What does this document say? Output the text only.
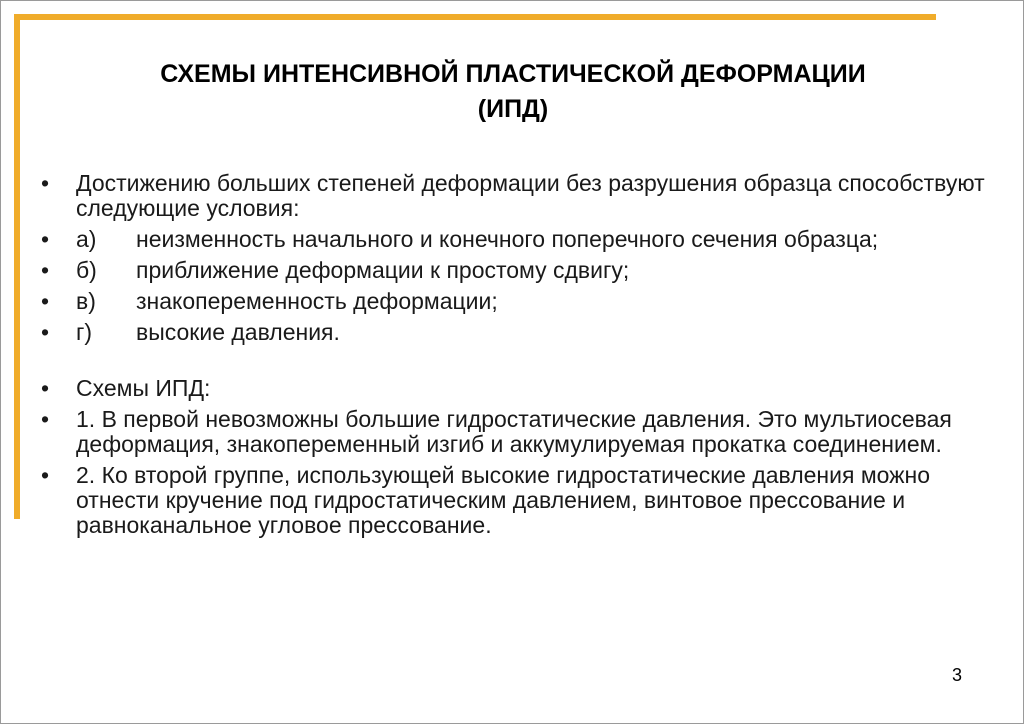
СХЕМЫ ИНТЕНСИВНОЙ ПЛАСТИЧЕСКОЙ ДЕФОРМАЦИИ
(ИПД)
•	Достижению больших степеней деформации без разрушения образца способствуют следующие условия:
•	а) неизменность начального и конечного поперечного сечения образца;
•	б) приближение деформации к простому сдвигу;
•	в) знакопеременность деформации;
•	г) высокие давления.
•	Схемы ИПД:
•	1. В первой невозможны большие гидростатические давления. Это мультиосевая деформация, знакопеременный изгиб и аккумулируемая прокатка соединением.
•	2. Ко второй группе, использующей высокие гидростатические давления можно отнести кручение под гидростатическим давлением, винтовое прессование и равноканальное угловое прессование.
3
